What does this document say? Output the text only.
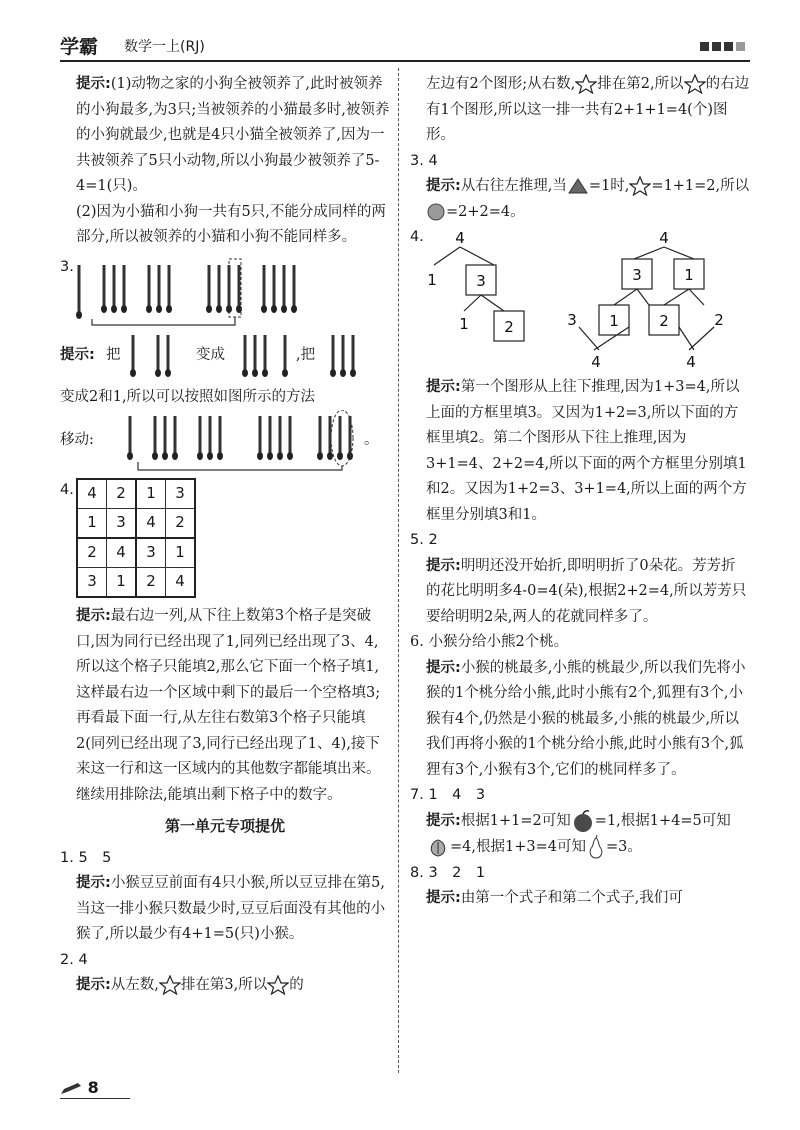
学霸 数学一上(RJ)

提示:(1)动物之家的小狗全被领养了,此时被领养的小狗最多,为3只;当被领养的小猫最多时,被领养的小狗就最少,也就是4只小猫全被领养了,因为一共被领养了5只小动物,所以小狗最少被领养了5-4=1(只)。

(2)因为小猫和小狗一共有5只,不能分成同样的两部分,所以被领养的小猫和小狗不能同样多。

3.
提示: 把	变成	,把

变成2和1,所以可以按照如图所示的方法

移动:	。
4. 4	2	1	3
1	3	4	2
2	4	3	1
3	1	2	4

提示:最右边一列,从下往上数第3个格子是突破口,因为同行已经出现了1,同列已经出现了3、4,所以这个格子只能填2,那么它下面一个格子填1,这样最右边一个区域中剩下的最后一个空格填3;再看最下面一行,从左往右数第3个格子只能填2(同列已经出现了3,同行已经出现了1、4),接下来这一行和这一区域内的其他数字都能填出来。继续用排除法,能填出剩下格子中的数字。

第一单元专项提优

1. 5　5

提示:小猴豆豆前面有4只小猴,所以豆豆排在第5,当这一排小猴只数最少时,豆豆后面没有其他的小猴了,所以最少有4+1=5(只)小猴。

2. 4

提示:从左数, 排在第3,所以 的

左边有2个图形;从右数, 排在第2,所以 的右边有1个图形,所以这一排一共有2+1+1=4(个)图形。

3. 4

提示:从右往左推理,当 =1时, =1+1=2,所以=2+2=4。

4. 4
1	3
1 2
4
3	1
3 1	2	2
4	4

提示:第一个图形从上往下推理,因为1+3=4,所以上面的方框里填3。又因为1+2=3,所以下面的方框里填2。第二个图形从下往上推理,因为3+1=4、2+2=4,所以下面的两个方框里分别填1和2。又因为1+2=3、3+1=4,所以上面的两个方框里分别填3和1。

5. 2

提示:明明还没开始折,即明明折了0朵花。芳芳折的花比明明多4-0=4(朵),根据2+2=4,所以芳芳只要给明明2朵,两人的花就同样多了。

6. 小猴分给小熊2个桃。

提示:小猴的桃最多,小熊的桃最少,所以我们先将小猴的1个桃分给小熊,此时小熊有2个,狐狸有3个,小猴有4个,仍然是小猴的桃最多,小熊的桃最少,所以我们再将小猴的1个桃分给小熊,此时小熊有3个,狐狸有3个,小猴有3个,它们的桃同样多了。

7. 1　4　3

提示:根据1+1=2可知 =1,根据1+4=5可知=4,根据1+3=4可知 =3。

8. 3　2　1

提示:由第一个式子和第二个式子,我们可

8
